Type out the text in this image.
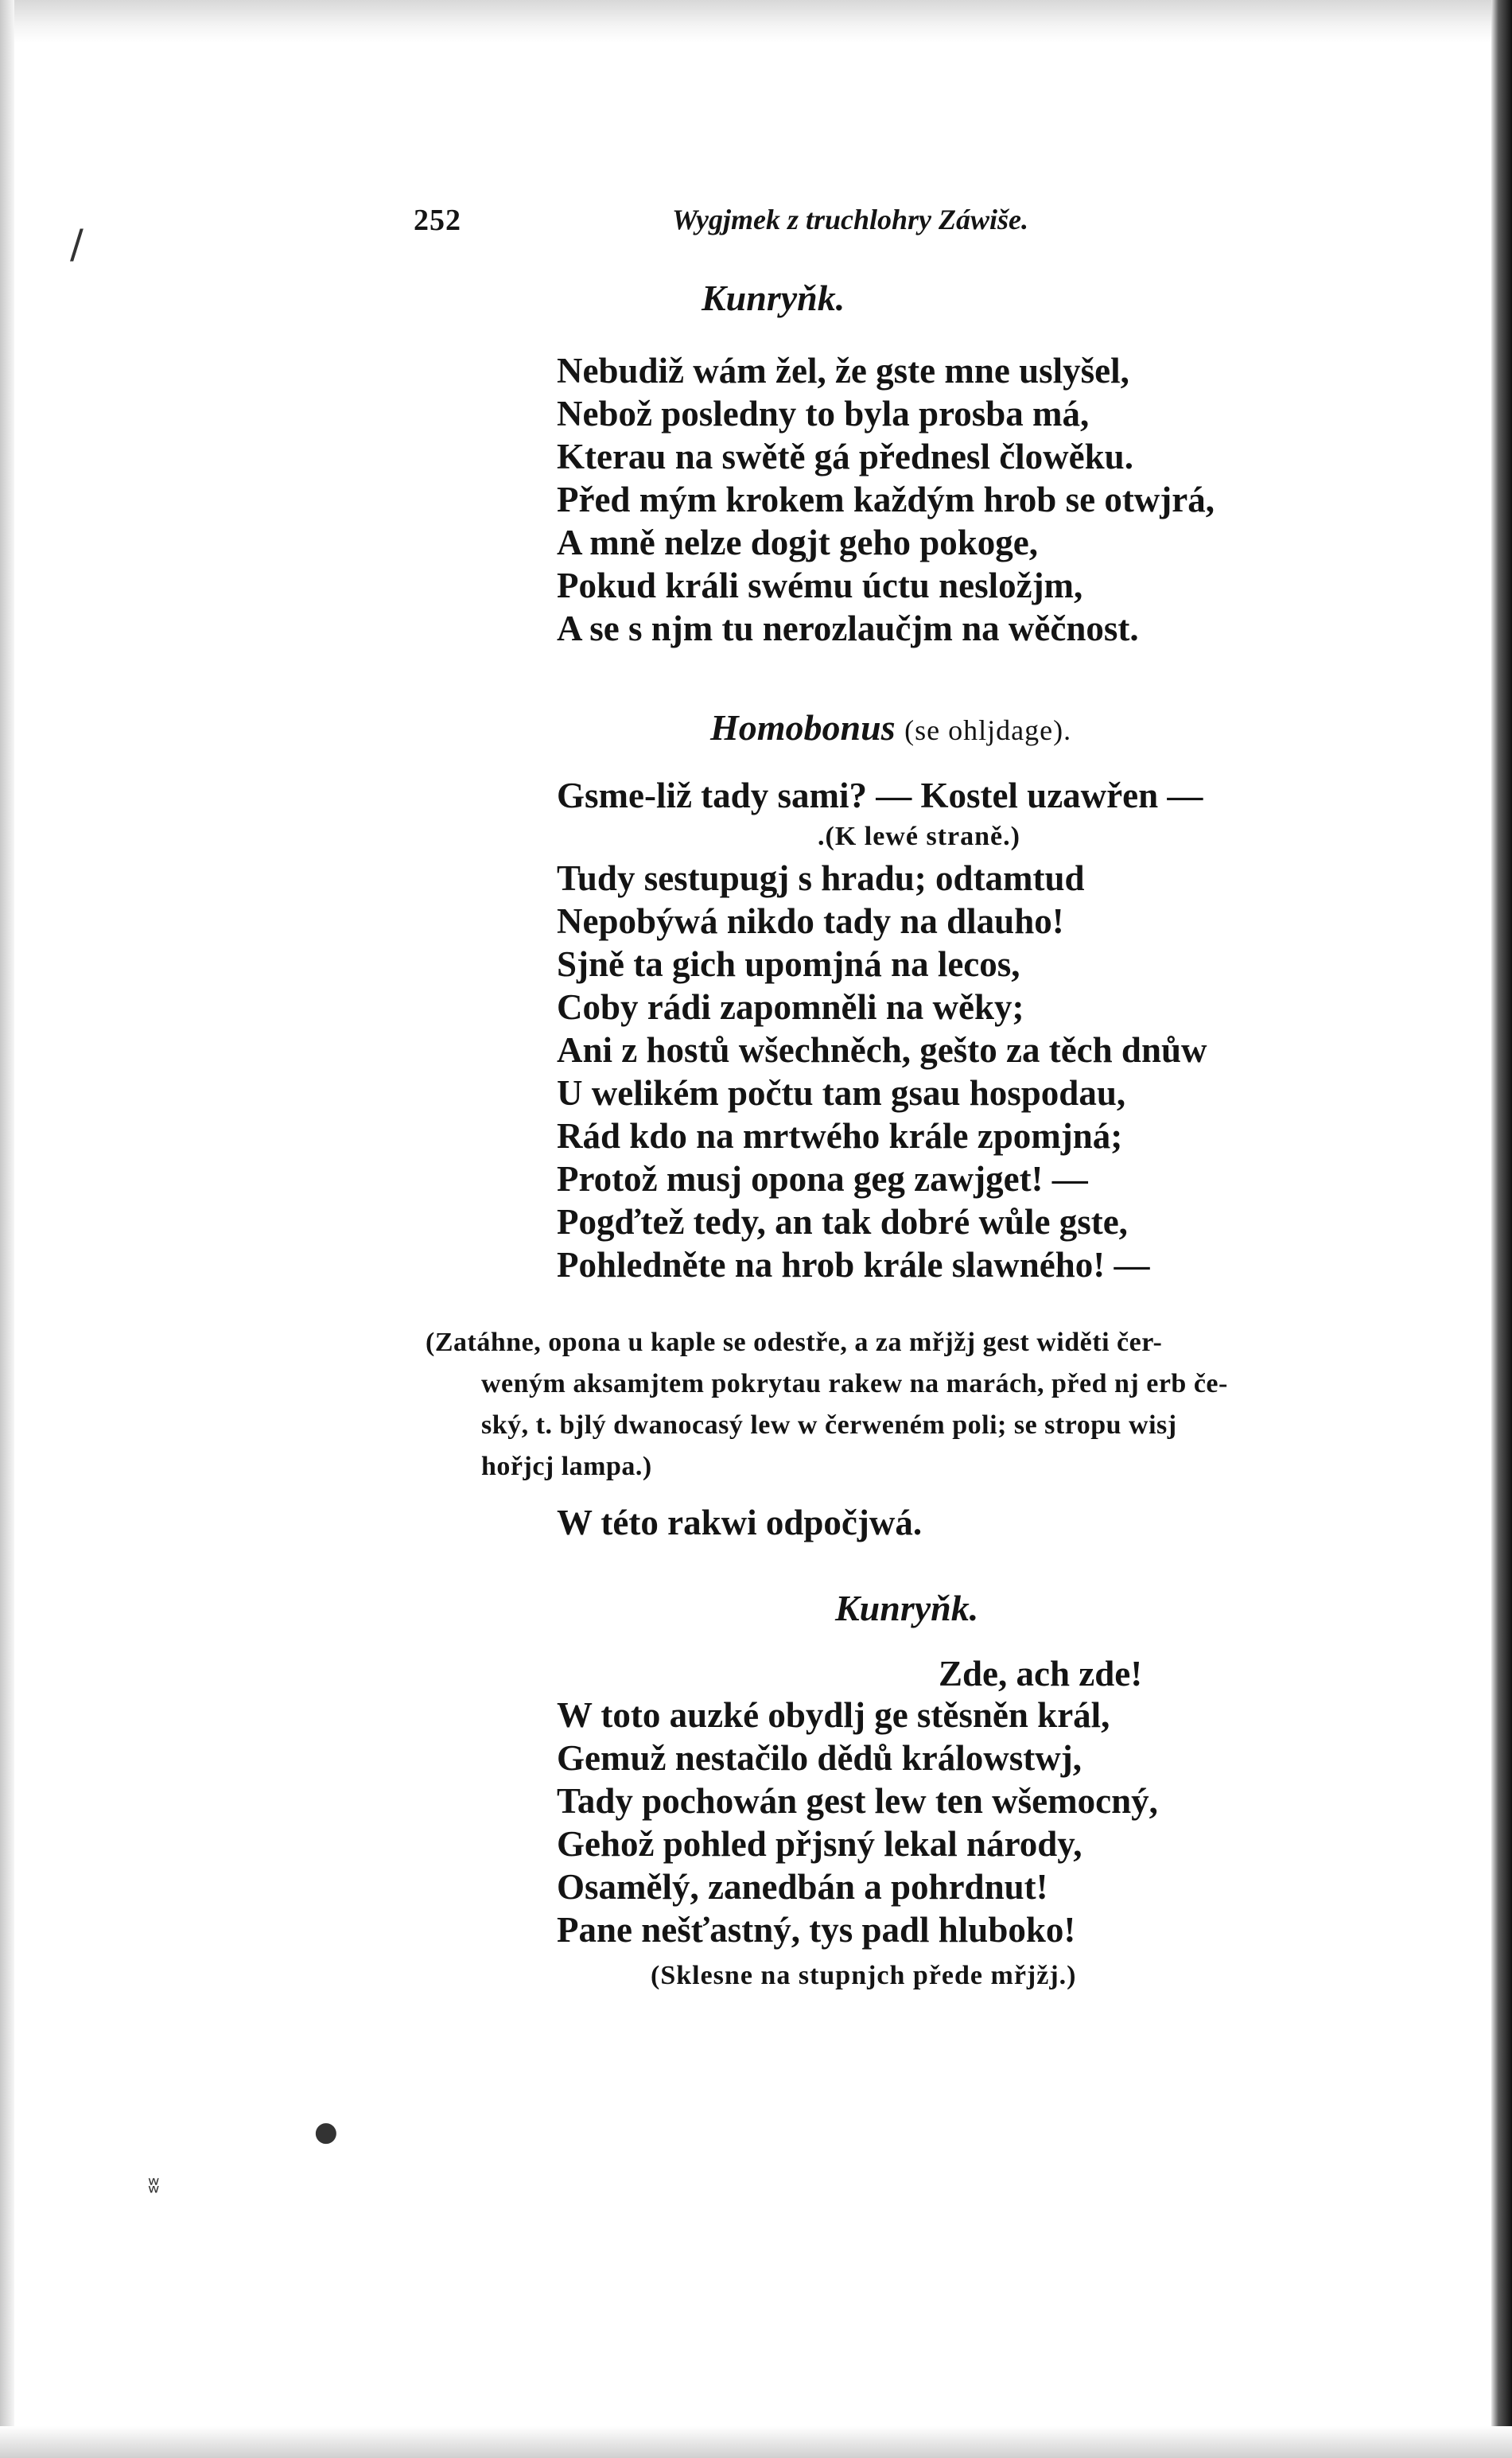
/
●
ʬ
252	Wygjmek z truchlohry Záwiše.
Kunryňk.
Nebudiž wám žel, že gste mne uslyšel,
Nebož posledny to byla prosba má,
Kterau na swětě gá přednesl člowěku.
Před mým krokem každým hrob se otwjrá,
A mně nelze dogjt geho pokoge,
Pokud králi swému úctu nesložjm,
A se s njm tu nerozlaučjm na wěčnost.
Homobonus (se ohljdage).
Gsme-liž tady sami? — Kostel uzawřen —
.(K lewé straně.)
Tudy sestupugj s hradu; odtamtud
Nepobýwá nikdo tady na dlauho!
Sjně ta gich upomjná na lecos,
Coby rádi zapomněli na wěky;
Ani z hostů wšechněch, gešto za těch dnůw
U welikém počtu tam gsau hospodau,
Rád kdo na mrtwého krále zpomjná;
Protož musj opona geg zawjget! —
Pogďtež tedy, an tak dobré wůle gste,
Pohledněte na hrob krále slawného! —

(Zatáhne, opona u kaple se odestře, a za mřjžj gest widěti čer-

weným aksamjtem pokrytau rakew na marách, před nj erb če-

ský, t. bjlý dwanocasý lew w čerweném poli; se stropu wisj

hořjcj lampa.)

W této rakwi odpočjwá.
Kunryňk.
Zde, ach zde!
W toto auzké obydlj ge stěsněn král,
Gemuž nestačilo dědů králowstwj,
Tady pochowán gest lew ten wšemocný,
Gehož pohled přjsný lekal národy,
Osamělý, zanedbán a pohrdnut!
Pane nešťastný, tys padl hluboko!
(Sklesne na stupnjch přede mřjžj.)
